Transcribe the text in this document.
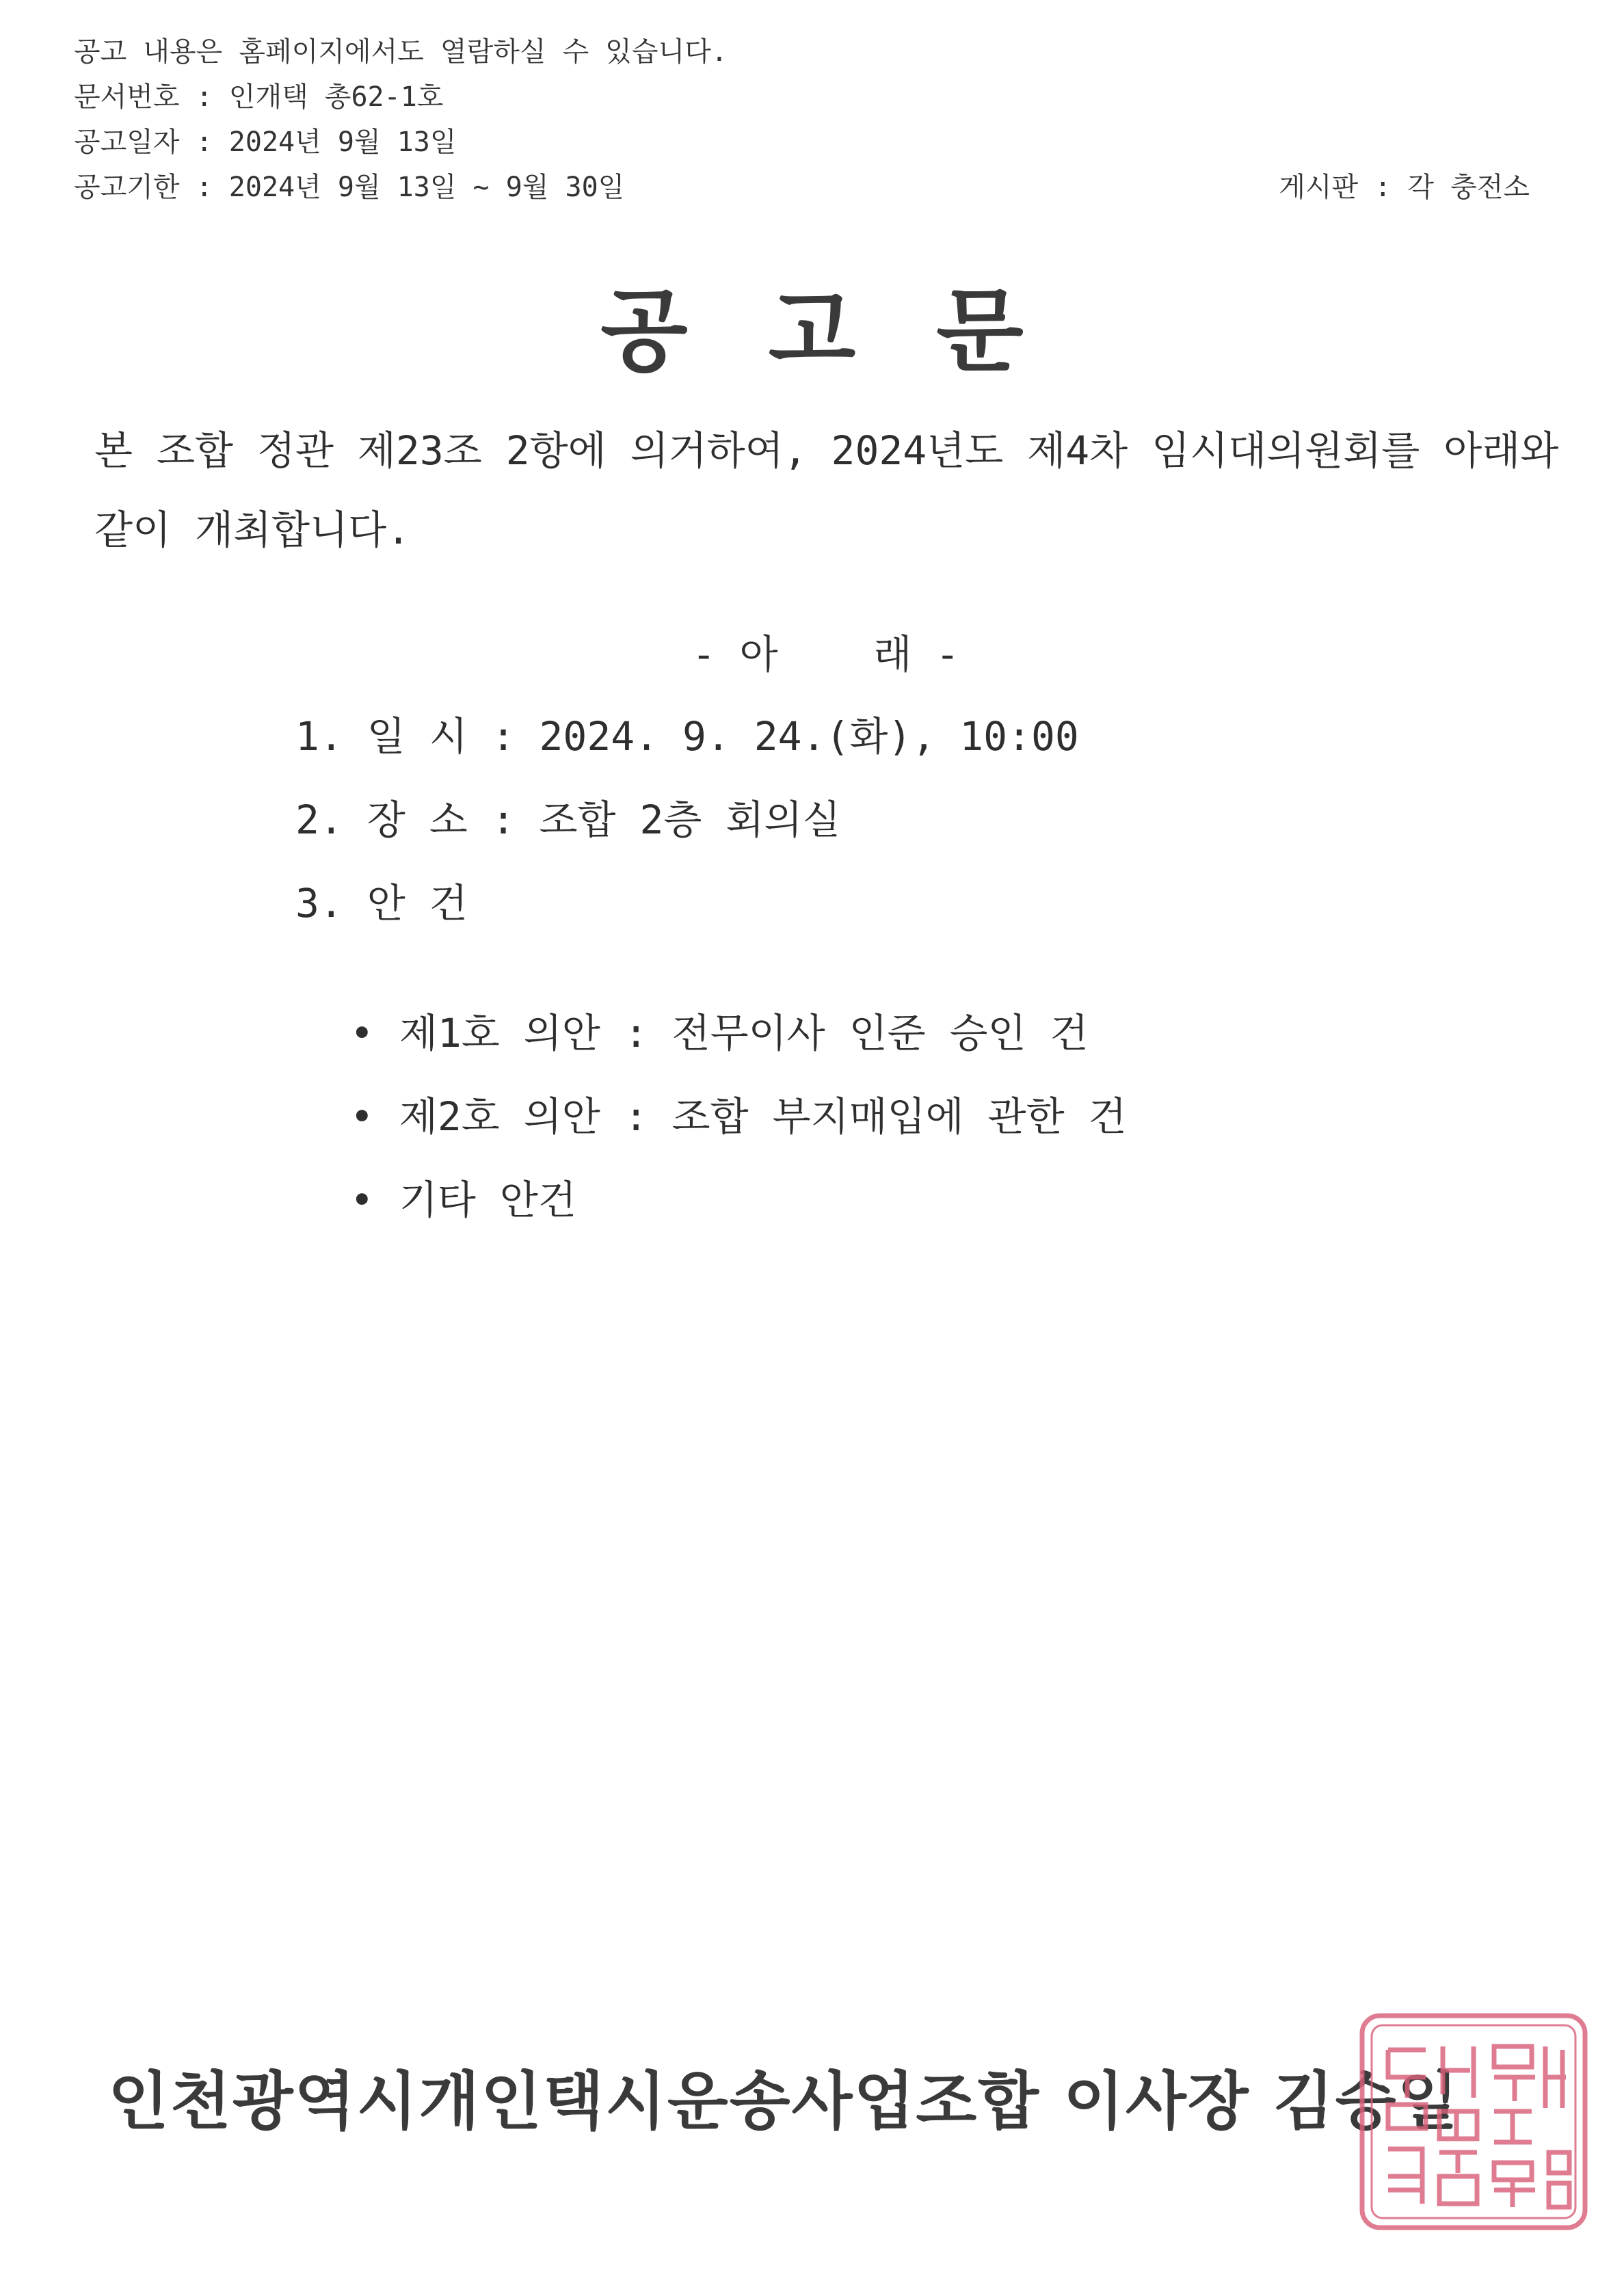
공고 내용은 홈페이지에서도 열람하실 수 있습니다.
문서번호 : 인개택 총62-1호
공고일자 : 2024년 9월 13일
공고기한 : 2024년 9월 13일 ~ 9월 30일	게시판 : 각 충전소
공고문
본 조합 정관 제23조 2항에 의거하여, 2024년도 제4차 임시대의원회를 아래와
같이 개최합니다.
- 아    래 -
1. 일 시 : 2024. 9. 24.(화), 10:00
2. 장 소 : 조합 2층 회의실
3. 안 건

• 제1호 의안 : 전무이사 인준 승인 건

• 제2호 의안 : 조합 부지매입에 관한 건

• 기타 안건

인천광역시개인택시운송사업조합 이사장 김승일
